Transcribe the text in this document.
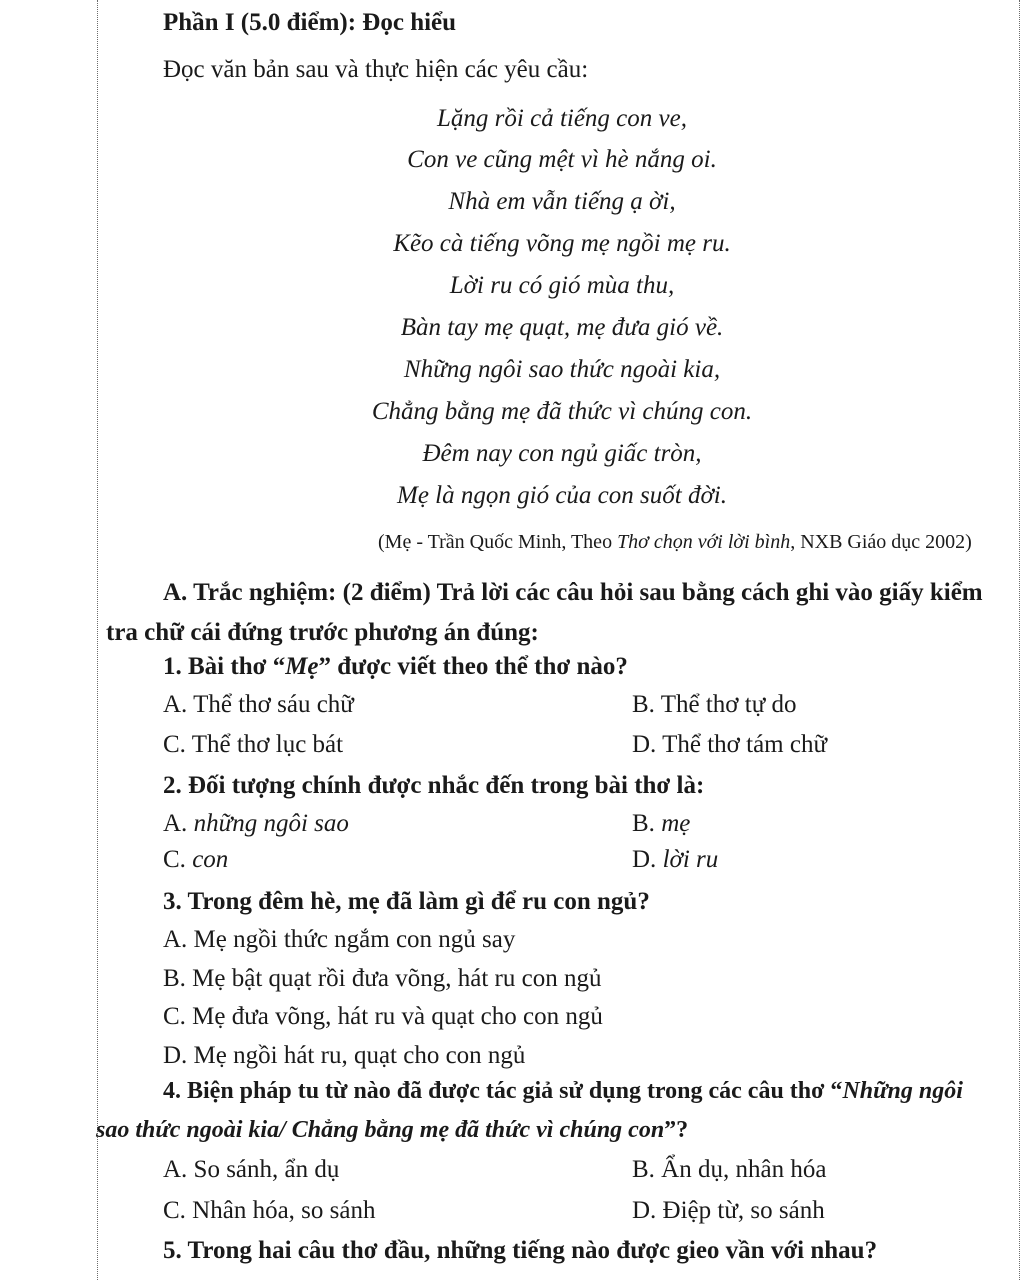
Phần I (5.0 điểm): Đọc hiểu
Đọc văn bản sau và thực hiện các yêu cầu:
Lặng rồi cả tiếng con ve,
Con ve cũng mệt vì hè nắng oi.
Nhà em vẫn tiếng ạ ời,
Kẽo cà tiếng võng mẹ ngồi mẹ ru.
Lời ru có gió mùa thu,
Bàn tay mẹ quạt, mẹ đưa gió về.
Những ngôi sao thức ngoài kia,
Chẳng bằng mẹ đã thức vì chúng con.
Đêm nay con ngủ giấc tròn,
Mẹ là ngọn gió của con suốt đời.
(Mẹ - Trần Quốc Minh, Theo Thơ chọn với lời bình, NXB Giáo dục 2002)
A. Trắc nghiệm: (2 điểm) Trả lời các câu hỏi sau bằng cách ghi vào giấy kiểm
tra chữ cái đứng trước phương án đúng:
1. Bài thơ “Mẹ” được viết theo thể thơ nào?
A. Thể thơ sáu chữ	B. Thể thơ tự do
C. Thể thơ lục bát	D. Thể thơ tám chữ
2. Đối tượng chính được nhắc đến trong bài thơ là:
A. những ngôi sao	B. mẹ
C. con	D. lời ru
3. Trong đêm hè, mẹ đã làm gì để ru con ngủ?
A. Mẹ ngồi thức ngắm con ngủ say
B. Mẹ bật quạt rồi đưa võng, hát ru con ngủ
C. Mẹ đưa võng, hát ru và quạt cho con ngủ
D. Mẹ ngồi hát ru, quạt cho con ngủ
4. Biện pháp tu từ nào đã được tác giả sử dụng trong các câu thơ “Những ngôi
sao thức ngoài kia/ Chẳng bằng mẹ đã thức vì chúng con”?
A. So sánh, ẩn dụ	B. Ẩn dụ, nhân hóa
C. Nhân hóa, so sánh	D. Điệp từ, so sánh
5. Trong hai câu thơ đầu, những tiếng nào được gieo vần với nhau?
